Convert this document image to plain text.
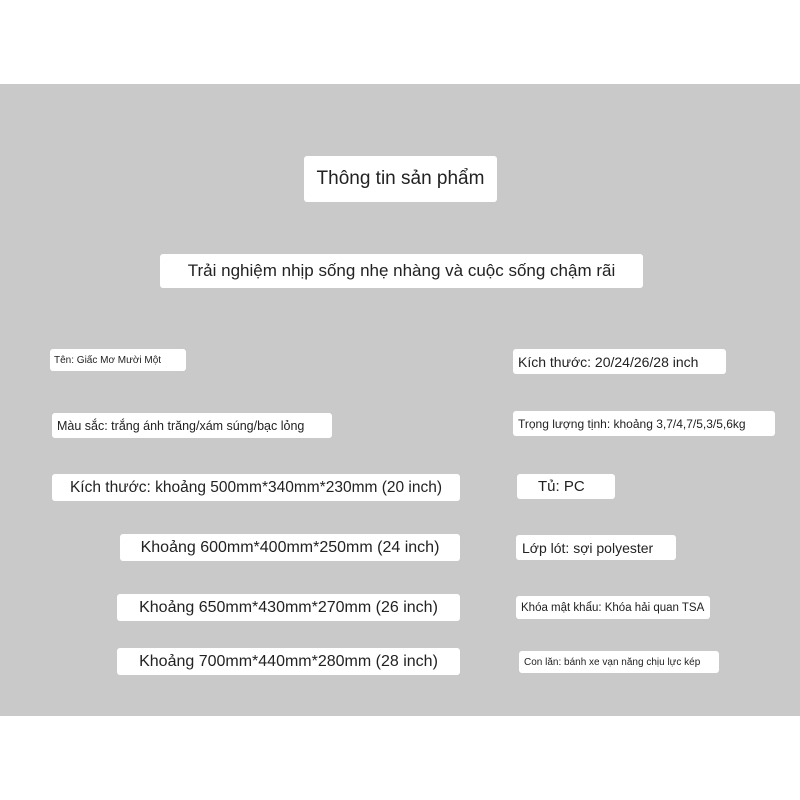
Thông tin sản phẩm
Trải nghiệm nhịp sống nhẹ nhàng và cuộc sống chậm rãi
Tên: Giấc Mơ Mười Một
Màu sắc: trắng ánh trăng/xám súng/bạc lỏng
Kích thước: khoảng 500mm*340mm*230mm (20 inch)
Khoảng 600mm*400mm*250mm (24 inch)
Khoảng 650mm*430mm*270mm (26 inch)
Khoảng 700mm*440mm*280mm (28 inch)
Kích thước: 20/24/26/28 inch
Trọng lượng tịnh: khoảng 3,7/4,7/5,3/5,6kg
Tủ: PC
Lớp lót: sợi polyester
Khóa mật khẩu: Khóa hải quan TSA
Con lăn: bánh xe vạn năng chịu lực kép
